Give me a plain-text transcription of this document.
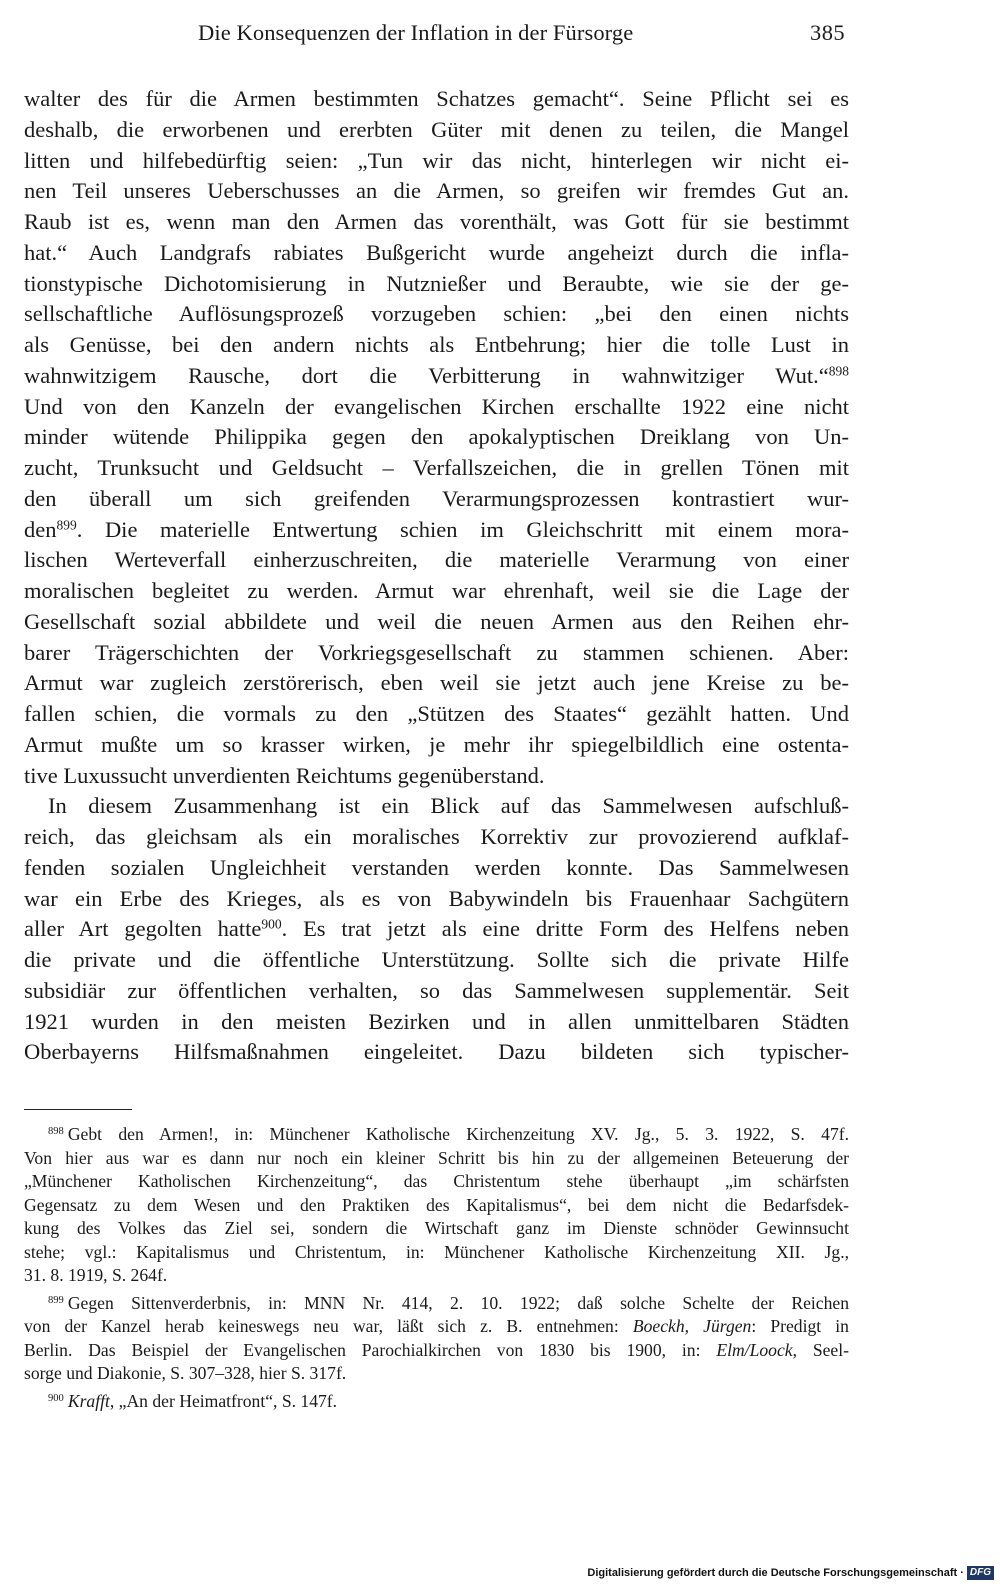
Die Konsequenzen der Inflation in der Fürsorge	385
walter des für die Armen bestimmten Schatzes gemacht“. Seine Pflicht sei es
deshalb, die erworbenen und ererbten Güter mit denen zu teilen, die Mangel
litten und hilfebedürftig seien: „Tun wir das nicht, hinterlegen wir nicht ei-
nen Teil unseres Ueberschusses an die Armen, so greifen wir fremdes Gut an.
Raub ist es, wenn man den Armen das vorenthält, was Gott für sie bestimmt
hat.“ Auch Landgrafs rabiates Bußgericht wurde angeheizt durch die infla-
tionstypische Dichotomisierung in Nutznießer und Beraubte, wie sie der ge-
sellschaftliche Auflösungsprozeß vorzugeben schien: „bei den einen nichts
als Genüsse, bei den andern nichts als Entbehrung; hier die tolle Lust in
wahnwitzigem Rausche, dort die Verbitterung in wahnwitziger Wut.“$^{898}$
Und von den Kanzeln der evangelischen Kirchen erschallte 1922 eine nicht
minder wütende Philippika gegen den apokalyptischen Dreiklang von Un-
zucht, Trunksucht und Geldsucht – Verfallszeichen, die in grellen Tönen mit
den überall um sich greifenden Verarmungsprozessen kontrastiert wur-
den$^{899}$. Die materielle Entwertung schien im Gleichschritt mit einem mora-
lischen Werteverfall einherzuschreiten, die materielle Verarmung von einer
moralischen begleitet zu werden. Armut war ehrenhaft, weil sie die Lage der
Gesellschaft sozial abbildete und weil die neuen Armen aus den Reihen ehr-
barer Trägerschichten der Vorkriegsgesellschaft zu stammen schienen. Aber:
Armut war zugleich zerstörerisch, eben weil sie jetzt auch jene Kreise zu be-
fallen schien, die vormals zu den „Stützen des Staates“ gezählt hatten. Und
Armut mußte um so krasser wirken, je mehr ihr spiegelbildlich eine ostenta-
tive Luxussucht unverdienten Reichtums gegenüberstand.
In diesem Zusammenhang ist ein Blick auf das Sammelwesen aufschluß-
reich, das gleichsam als ein moralisches Korrektiv zur provozierend aufklaf-
fenden sozialen Ungleichheit verstanden werden konnte. Das Sammelwesen
war ein Erbe des Krieges, als es von Babywindeln bis Frauenhaar Sachgütern
aller Art gegolten hatte$^{900}$. Es trat jetzt als eine dritte Form des Helfens neben
die private und die öffentliche Unterstützung. Sollte sich die private Hilfe
subsidiär zur öffentlichen verhalten, so das Sammelwesen supplementär. Seit
1921 wurden in den meisten Bezirken und in allen unmittelbaren Städten
Oberbayerns Hilfsmaßnahmen eingeleitet. Dazu bildeten sich typischer-
$^{898}$ Gebt den Armen!, in: Münchener Katholische Kirchenzeitung XV. Jg., 5. 3. 1922, S. 47f.
Von hier aus war es dann nur noch ein kleiner Schritt bis hin zu der allgemeinen Beteuerung der
„Münchener Katholischen Kirchenzeitung“, das Christentum stehe überhaupt „im schärfsten
Gegensatz zu dem Wesen und den Praktiken des Kapitalismus“, bei dem nicht die Bedarfsdek-
kung des Volkes das Ziel sei, sondern die Wirtschaft ganz im Dienste schnöder Gewinnsucht
stehe; vgl.: Kapitalismus und Christentum, in: Münchener Katholische Kirchenzeitung XII. Jg.,
31. 8. 1919, S. 264f.
$^{899}$ Gegen Sittenverderbnis, in: MNN Nr. 414, 2. 10. 1922; daß solche Schelte der Reichen
von der Kanzel herab keineswegs neu war, läßt sich z. B. entnehmen: Boeckh, Jürgen: Predigt in
Berlin. Das Beispiel der Evangelischen Parochialkirchen von 1830 bis 1900, in: Elm/Loock, Seel-
sorge und Diakonie, S. 307–328, hier S. 317f.
$^{900}$ Krafft, „An der Heimatfront“, S. 147f.
Digitalisierung gefördert durch die Deutsche Forschungsgemeinschaft · DFG
